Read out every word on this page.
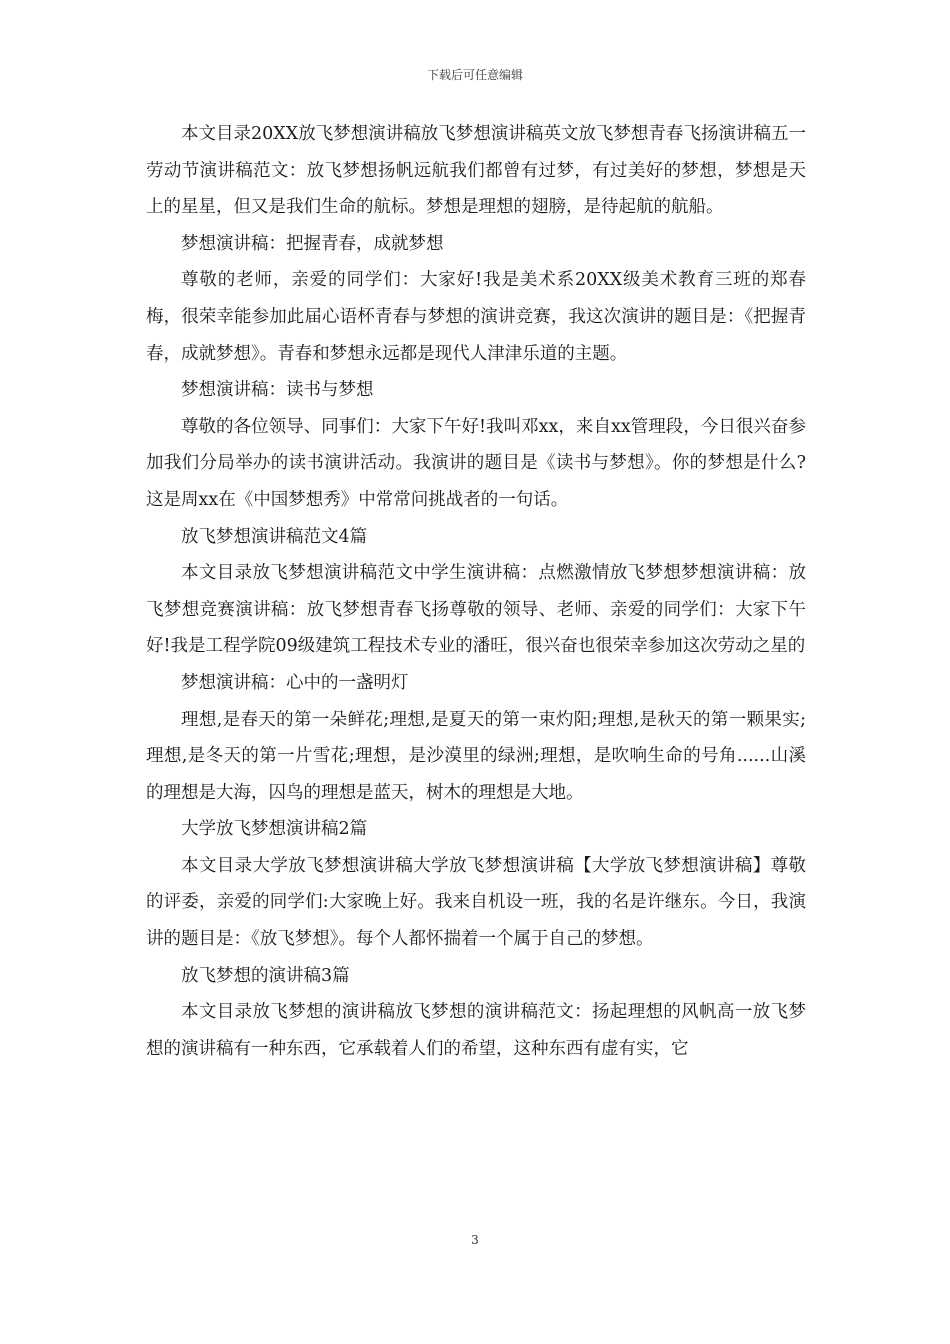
下载后可任意编辑

本文目录20XX放飞梦想演讲稿放飞梦想演讲稿英文放飞梦想青春飞扬演讲稿五一劳动节演讲稿范文：放飞梦想扬帆远航我们都曾有过梦，有过美好的梦想，梦想是天上的星星，但又是我们生命的航标。梦想是理想的翅膀，是待起航的航船。

梦想演讲稿：把握青春，成就梦想

尊敬的老师，亲爱的同学们：大家好!我是美术系20XX级美术教育三班的郑春梅，很荣幸能参加此届心语杯青春与梦想的演讲竞赛，我这次演讲的题目是：《把握青春，成就梦想》。青春和梦想永远都是现代人津津乐道的主题。

梦想演讲稿：读书与梦想

尊敬的各位领导、同事们：大家下午好!我叫邓xx，来自xx管理段，今日很兴奋参加我们分局举办的读书演讲活动。我演讲的题目是《读书与梦想》。你的梦想是什么?这是周xx在《中国梦想秀》中常常问挑战者的一句话。

放飞梦想演讲稿范文4篇

本文目录放飞梦想演讲稿范文中学生演讲稿：点燃激情放飞梦想梦想演讲稿：放飞梦想竞赛演讲稿：放飞梦想青春飞扬尊敬的领导、老师、亲爱的同学们：大家下午好!我是工程学院09级建筑工程技术专业的潘旺，很兴奋也很荣幸参加这次劳动之星的

梦想演讲稿：心中的一盏明灯

理想,是春天的第一朵鲜花;理想,是夏天的第一束灼阳;理想,是秋天的第一颗果实;理想,是冬天的第一片雪花;理想，是沙漠里的绿洲;理想，是吹响生命的号角......山溪的理想是大海，囚鸟的理想是蓝天，树木的理想是大地。

大学放飞梦想演讲稿2篇

本文目录大学放飞梦想演讲稿大学放飞梦想演讲稿【大学放飞梦想演讲稿】尊敬的评委，亲爱的同学们:大家晚上好。我来自机设一班，我的名是许继东。今日，我演讲的题目是：《放飞梦想》。每个人都怀揣着一个属于自己的梦想。

放飞梦想的演讲稿3篇

本文目录放飞梦想的演讲稿放飞梦想的演讲稿范文：扬起理想的风帆高一放飞梦想的演讲稿有一种东西，它承载着人们的希望，这种东西有虚有实，它

3
